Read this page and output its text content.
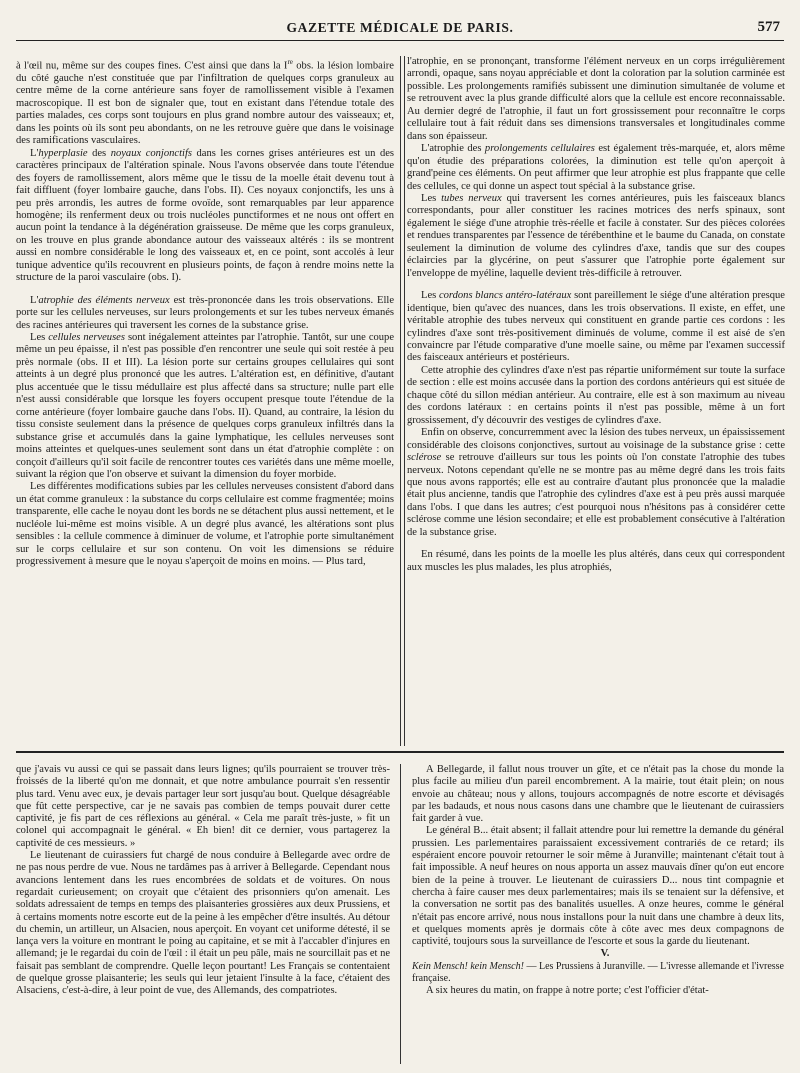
GAZETTE MÉDICALE DE PARIS.	577

à l'œil nu, même sur des coupes fines. C'est ainsi que dans la Ire obs. la lésion lombaire du côté gauche n'est constituée que par l'infiltration de quelques corps granuleux au centre même de la corne antérieure sans foyer de ramollissement visible à l'examen macroscopique. Il est bon de signaler que, tout en existant dans l'étendue totale des parties malades, ces corps sont toujours en plus grand nombre autour des vaisseaux; et, dans les points où ils sont peu abondants, on ne les retrouve guère que dans le voisinage des ramifications vasculaires.

L'hyperplasie des noyaux conjonctifs dans les cornes grises antérieures est un des caractères principaux de l'altération spinale. Nous l'avons observée dans toute l'étendue des foyers de ramollissement, alors même que le tissu de la moelle était devenu tout à fait diffluent (foyer lombaire gauche, dans l'obs. II). Ces noyaux conjonctifs, les uns à peu près arrondis, les autres de forme ovoïde, sont remarquables par leur apparence homogène; ils renferment deux ou trois nucléoles punctiformes et ne nous ont offert en aucun point la tendance à la dégénération graisseuse. De même que les corps granuleux, on les trouve en plus grande abondance autour des vaisseaux altérés : ils se montrent aussi en nombre considérable le long des vaisseaux et, en ce point, sont accolés à leur tunique adventice qu'ils recouvrent en plusieurs points, de façon à rendre moins nette la structure de la paroi vasculaire (obs. I).

L'atrophie des éléments nerveux est très-prononcée dans les trois observations. Elle porte sur les cellules nerveuses, sur leurs prolongements et sur les tubes nerveux émanés des racines antérieures qui traversent les cornes de la substance grise.

Les cellules nerveuses sont inégalement atteintes par l'atrophie. Tantôt, sur une coupe même un peu épaisse, il n'est pas possible d'en rencontrer une seule qui soit restée à peu près normale (obs. II et III). La lésion porte sur certains groupes cellulaires qui sont atteints à un degré plus prononcé que les autres. L'altération est, en définitive, d'autant plus accentuée que le tissu médullaire est plus affecté dans sa structure; nulle part elle n'est aussi considérable que lorsque les foyers occupent presque toute l'étendue de la corne antérieure (foyer lombaire gauche dans l'obs. II). Quand, au contraire, la lésion du tissu consiste seulement dans la présence de quelques corps granuleux infiltrés dans la substance grise et accumulés dans la gaine lymphatique, les cellules nerveuses sont moins atteintes et quelques-unes seulement sont dans un état d'atrophie complète : on conçoit d'ailleurs qu'il soit facile de rencontrer toutes ces variétés dans une même moelle, suivant la région que l'on observe et suivant la dimension du foyer morbide.

Les différentes modifications subies par les cellules nerveuses consistent d'abord dans un état comme granuleux : la substance du corps cellulaire est comme fragmentée; moins transparente, elle cache le noyau dont les bords ne se détachent plus aussi nettement, et le nucléole lui-même est moins visible. A un degré plus avancé, les altérations sont plus sensibles : la cellule commence à diminuer de volume, et l'atrophie porte simultanément sur le corps cellulaire et sur son contenu. On voit les dimensions se réduire progressivement à mesure que le noyau s'aperçoit de moins en moins. — Plus tard,

l'atrophie, en se prononçant, transforme l'élément nerveux en un corps irrégulièrement arrondi, opaque, sans noyau appréciable et dont la coloration par la solution carminée est possible. Les prolongements ramifiés subissent une diminution simultanée de volume et se retrouvent avec la plus grande difficulté alors que la cellule est encore reconnaissable. Au dernier degré de l'atrophie, il faut un fort grossissement pour reconnaître le corps cellulaire tout à fait réduit dans ses dimensions transversales et longitudinales comme dans son épaisseur.

L'atrophie des prolongements cellulaires est également très-marquée, et, alors même qu'on étudie des préparations colorées, la diminution est telle qu'on aperçoit à grand'peine ces éléments. On peut affirmer que leur atrophie est plus frappante que celle des cellules, ce qui donne un aspect tout spécial à la substance grise.

Les tubes nerveux qui traversent les cornes antérieures, puis les faisceaux blancs correspondants, pour aller constituer les racines motrices des nerfs spinaux, sont également le siége d'une atrophie très-réelle et facile à constater. Sur des pièces colorées et rendues transparentes par l'essence de térébenthine et le baume du Canada, on constate seulement la diminution de volume des cylindres d'axe, tandis que sur des coupes éclaircies par la glycérine, on peut s'assurer que l'atrophie porte également sur l'enveloppe de myéline, laquelle devient très-difficile à retrouver.

Les cordons blancs antéro-latéraux sont pareillement le siége d'une altération presque identique, bien qu'avec des nuances, dans les trois observations. Il existe, en effet, une véritable atrophie des tubes nerveux qui constituent en grande partie ces cordons : les cylindres d'axe sont très-positivement diminués de volume, comme il est aisé de s'en convaincre par l'étude comparative d'une moelle saine, ou même par l'examen successif des faisceaux antérieurs et postérieurs.

Cette atrophie des cylindres d'axe n'est pas répartie uniformément sur toute la surface de section : elle est moins accusée dans la portion des cordons antérieurs qui est située de chaque côté du sillon médian antérieur. Au contraire, elle est à son maximum au niveau des cordons latéraux : en certains points il n'est pas possible, même à un fort grossissement, d'y découvrir des vestiges de cylindres d'axe.

Enfin on observe, concurremment avec la lésion des tubes nerveux, un épaississement considérable des cloisons conjonctives, surtout au voisinage de la substance grise : cette sclérose se retrouve d'ailleurs sur tous les points où l'on constate l'atrophie des tubes nerveux. Notons cependant qu'elle ne se montre pas au même degré dans les trois faits que nous avons rapportés; elle est au contraire d'autant plus prononcée que la maladie était plus ancienne, tandis que l'atrophie des cylindres d'axe est à peu près aussi marquée dans l'obs. I que dans les autres; c'est pourquoi nous n'hésitons pas à considérer cette sclérose comme une lésion secondaire; et elle est probablement consécutive à l'altération de la substance grise.

En résumé, dans les points de la moelle les plus altérés, dans ceux qui correspondent aux muscles les plus malades, les plus atrophiés,

que j'avais vu aussi ce qui se passait dans leurs lignes; qu'ils pourraient se trouver très-froissés de la liberté qu'on me donnait, et que notre ambulance pourrait s'en ressentir plus tard. Venu avec eux, je devais partager leur sort jusqu'au bout. Quelque désagréable que fût cette perspective, car je ne savais pas combien de temps pouvait durer cette captivité, je fis part de ces réflexions au général. « Cela me paraît très-juste, » fit un colonel qui accompagnait le général. « Eh bien! dit ce dernier, vous partagerez la captivité de ces messieurs. »

Le lieutenant de cuirassiers fut chargé de nous conduire à Bellegarde avec ordre de ne pas nous perdre de vue. Nous ne tardâmes pas à arriver à Bellegarde. Cependant nous avancions lentement dans les rues encombrées de soldats et de voitures. On nous regardait curieusement; on croyait que c'étaient des prisonniers qu'on amenait. Les soldats adressaient de temps en temps des plaisanteries grossières aux deux Prussiens, et à certains moments notre escorte eut de la peine à les empêcher d'être insultés. Au détour du chemin, un artilleur, un Alsacien, nous aperçoit. En voyant cet uniforme détesté, il se lança vers la voiture en montrant le poing au capitaine, et se mit à l'accabler d'injures en allemand; je le regardai du coin de l'œil : il était un peu pâle, mais ne sourcillait pas et ne faisait pas semblant de comprendre. Quelle leçon pourtant! Les Français se contentaient de quelque grosse plaisanterie; les seuls qui leur jetaient l'insulte à la face, c'étaient des Alsaciens, c'est-à-dire, à leur point de vue, des Allemands, des compatriotes.

A Bellegarde, il fallut nous trouver un gîte, et ce n'était pas la chose du monde la plus facile au milieu d'un pareil encombrement. A la mairie, tout était plein; on nous envoie au château; nous y allons, toujours accompagnés de notre escorte et dévisagés par les badauds, et nous nous casons dans une chambre que le lieutenant de cuirassiers fait garder à vue.

Le général B... était absent; il fallait attendre pour lui remettre la demande du général prussien. Les parlementaires paraissaient excessivement contrariés de ce retard; ils espéraient encore pouvoir retourner le soir même à Juranville; maintenant c'était tout à fait impossible. A neuf heures on nous apporta un assez mauvais dîner qu'on eut encore bien de la peine à trouver. Le lieutenant de cuirassiers D... nous tint compagnie et chercha à faire causer mes deux parlementaires; mais ils se tenaient sur la défensive, et la conversation ne sortit pas des banalités usuelles. A onze heures, comme le général n'était pas encore arrivé, nous nous installons pour la nuit dans une chambre à deux lits, et quelques moments après je dormais côte à côte avec mes deux compagnons de captivité, toujours sous la surveillance de l'escorte et sous la garde du lieutenant.

V.

Kein Mensch! kein Mensch! — Les Prussiens à Juranville. — L'ivresse allemande et l'ivresse française.

A six heures du matin, on frappe à notre porte; c'est l'officier d'état-
